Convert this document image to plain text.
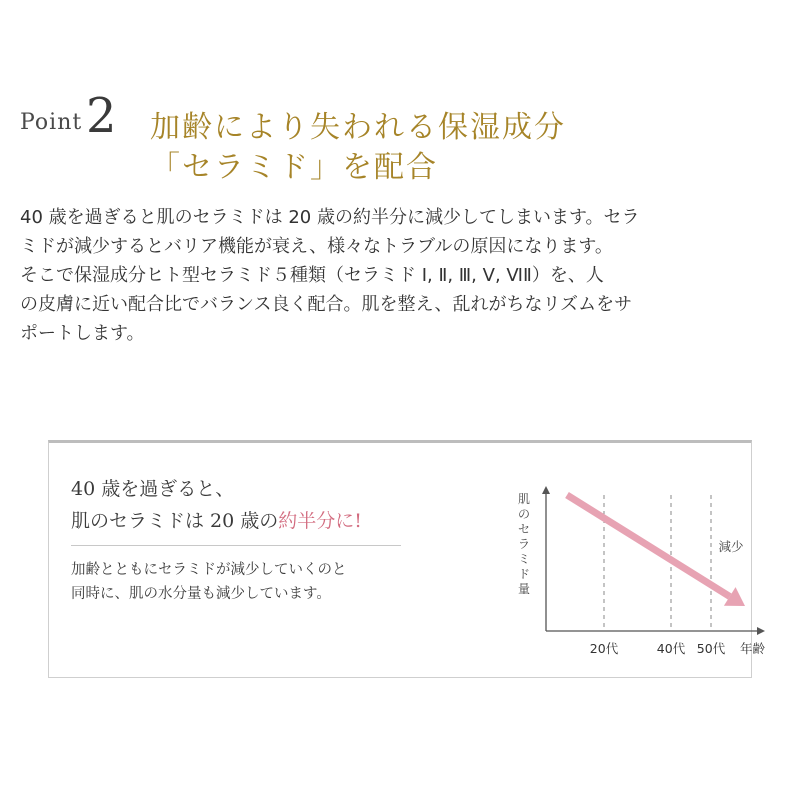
Point 2 加齢により失われる保湿成分
「セラミド」を配合

40 歳を過ぎると肌のセラミドは 20 歳の約半分に減少してしまいます。セラ
ミドが減少するとバリア機能が衰え、様々なトラブルの原因になります。
そこで保湿成分ヒト型セラミド５種類（セラミド Ⅰ, Ⅱ, Ⅲ, Ⅴ, ⅥⅡ）を、人
の皮膚に近い配合比でバランス良く配合。肌を整え、乱れがちなリズムをサ
ポートします。

40 歳を過ぎると、
肌のセラミドは 20 歳の約半分に!

加齢とともにセラミドが減少していくのと
同時に、肌の水分量も減少しています。

肌
の
セ
ラ
ミ
ド
量
20代	40代 50代 年齢
減少
